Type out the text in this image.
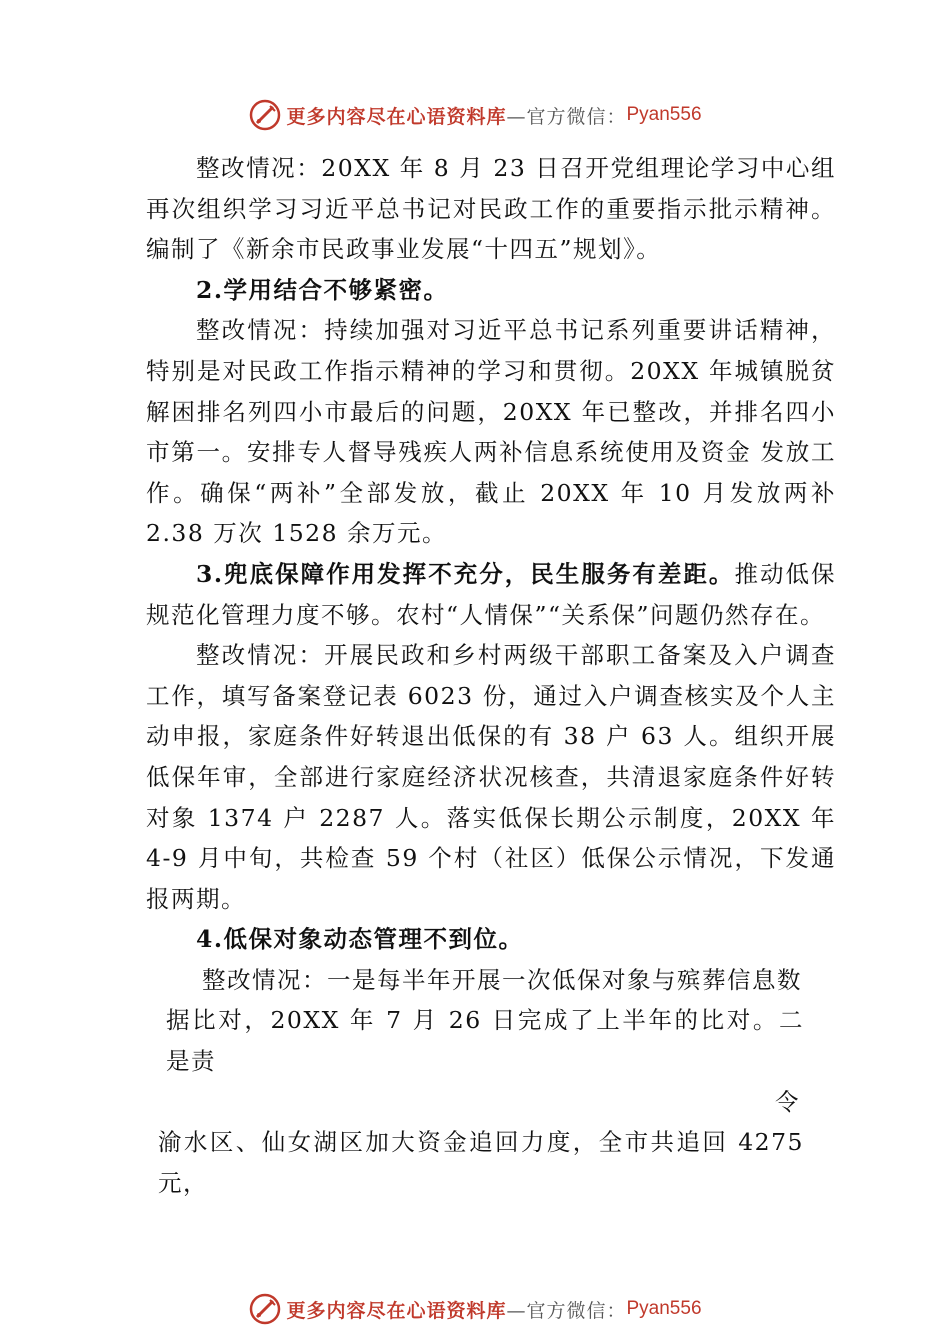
更多内容尽在心语资料库 —官方微信： Pyan556

整改情况：20XX 年 8 月 23 日召开党组理论学习中心组再次组织学习习近平总书记对民政工作的重要指示批示精神。编制了《新余市民政事业发展“十四五”规划》。

2.学用结合不够紧密。

整改情况：持续加强对习近平总书记系列重要讲话精神，特别是对民政工作指示精神的学习和贯彻。20XX 年城镇脱贫解困排名列四小市最后的问题，20XX 年已整改，并排名四小市第一。安排专人督导残疾人两补信息系统使用及资金 发放工作。确保“两补”全部发放，截止 20XX 年 10 月发放两补 2.38 万次 1528 余万元。

3.兜底保障作用发挥不充分，民生服务有差距。推动低保规范化管理力度不够。农村“人情保”“关系保”问题仍然存在。

整改情况：开展民政和乡村两级干部职工备案及入户调查工作，填写备案登记表 6023 份，通过入户调查核实及个人主动申报，家庭条件好转退出低保的有 38 户 63 人。组织开展低保年审，全部进行家庭经济状况核查，共清退家庭条件好转对象 1374 户 2287 人。落实低保长期公示制度，20XX 年 4-9 月中旬，共检查 59 个村（社区）低保公示情况，下发通报两期。

4.低保对象动态管理不到位。

整改情况：一是每半年开展一次低保对象与殡葬信息数
据比对，20XX 年 7 月 26 日完成了上半年的比对。二是责
令
渝水区、仙女湖区加大资金追回力度，全市共追回 4275 元，

更多内容尽在心语资料库 —官方微信： Pyan556
